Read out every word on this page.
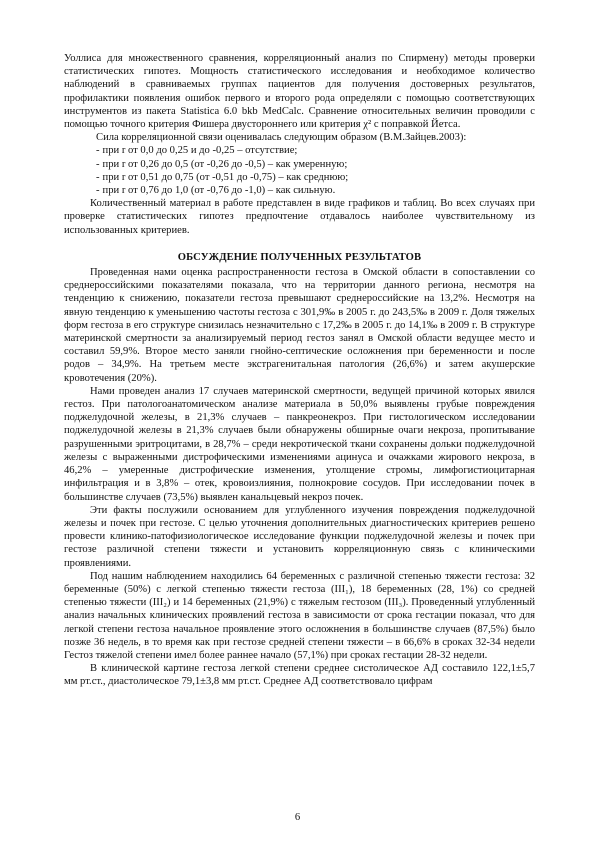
Уоллиса для множественного сравнения, корреляционный анализ по Спирмену) методы проверки статистических гипотез. Мощность статистического исследования и необходимое количество наблюдений в сравниваемых группах пациентов для получения достоверных результатов, профилактики появления ошибок первого и второго рода определяли с помощью соответствующих инструментов из пакета Statistica 6.0 bkb MedCalc. Сравнение относительных величин проводили с помощью точного критерия Фишера двустороннего или критерия χ² с поправкой Йетса.

Сила корреляционной связи оценивалась следующим образом (В.М.Зайцев.2003):

- при r от 0,0 до 0,25 и до -0,25 – отсутствие;
- при r от 0,26 до 0,5 (от -0,26 до -0,5) – как умеренную;
- при r от 0,51 до 0,75 (от -0,51 до -0,75) – как среднюю;
- при r от 0,76 до 1,0 (от -0,76 до -1,0) – как сильную.

Количественный материал в работе представлен в виде графиков и таблиц. Во всех случаях при проверке статистических гипотез предпочтение отдавалось наиболее чувствительному из использованных критериев.

ОБСУЖДЕНИЕ ПОЛУЧЕННЫХ РЕЗУЛЬТАТОВ

Проведенная нами оценка распространенности гестоза в Омской области в сопоставлении со среднероссийскими показателями показала, что на территории данного региона, несмотря на тенденцию к снижению, показатели гестоза превышают среднероссийские на 13,2%. Несмотря на явную тенденцию к уменьшению частоты гестоза с 301,9‰ в 2005 г. до 243,5‰ в 2009 г. Доля тяжелых форм гестоза в его структуре снизилась незначительно с 17,2‰ в 2005 г. до 14,1‰ в 2009 г. В структуре материнской смертности за анализируемый период гестоз занял в Омской области ведущее место и составил 59,9%. Второе место заняли гнойно-септические осложнения при беременности и после родов – 34,9%. На третьем месте экстрагенитальная патология (26,6%) и затем акушерские кровотечения (20%).

Нами проведен анализ 17 случаев материнской смертности, ведущей причиной которых явился гестоз. При патологоанатомическом анализе материала в 50,0% выявлены грубые повреждения поджелудочной железы, в 21,3% случаев – панкреонекроз. При гистологическом исследовании поджелудочной железы в 21,3% случаев были обнаружены обширные очаги некроза, пропитывание разрушенными эритроцитами, в 28,7% – среди некротической ткани сохранены дольки поджелудочной железы с выраженными дистрофическими изменениями ацинуса и очажками жирового некроза, в 46,2% – умеренные дистрофические изменения, утолщение стромы, лимфогистиоцитарная инфильтрация и в 3,8% – отек, кровоизлияния, полнокровие сосудов. При исследовании почек в большинстве случаев (73,5%) выявлен канальцевый некроз почек.

Эти факты послужили основанием для углубленного изучения повреждения поджелудочной железы и почек при гестозе. С целью уточнения дополнительных диагностических критериев решено провести клинико-патофизиологическое исследование функции поджелудочной железы и почек при гестозе различной степени тяжести и установить корреляционную связь с клиническими проявлениями.

Под нашим наблюдением находились 64 беременных с различной степенью тяжести гестоза: 32 беременные (50%) с легкой степенью тяжести гестоза (III₁), 18 беременных (28, 1%) со средней степенью тяжести (III₂) и 14 беременных (21,9%) с тяжелым гестозом (III₃). Проведенный углубленный анализ начальных клинических проявлений гестоза в зависимости от срока гестации показал, что для легкой степени гестоза начальное проявление этого осложнения в большинстве случаев (87,5%) было позже 36 недель, в то время как при гестозе средней степени тяжести – в 66,6% в сроках 32-34 недели Гестоз тяжелой степени имел более раннее начало (57,1%) при сроках гестации 28-32 недели.

В клинической картине гестоза легкой степени среднее систолическое АД составило 122,1±5,7 мм рт.ст., диастолическое 79,1±3,8 мм рт.ст. Среднее АД соответствовало цифрам

6
